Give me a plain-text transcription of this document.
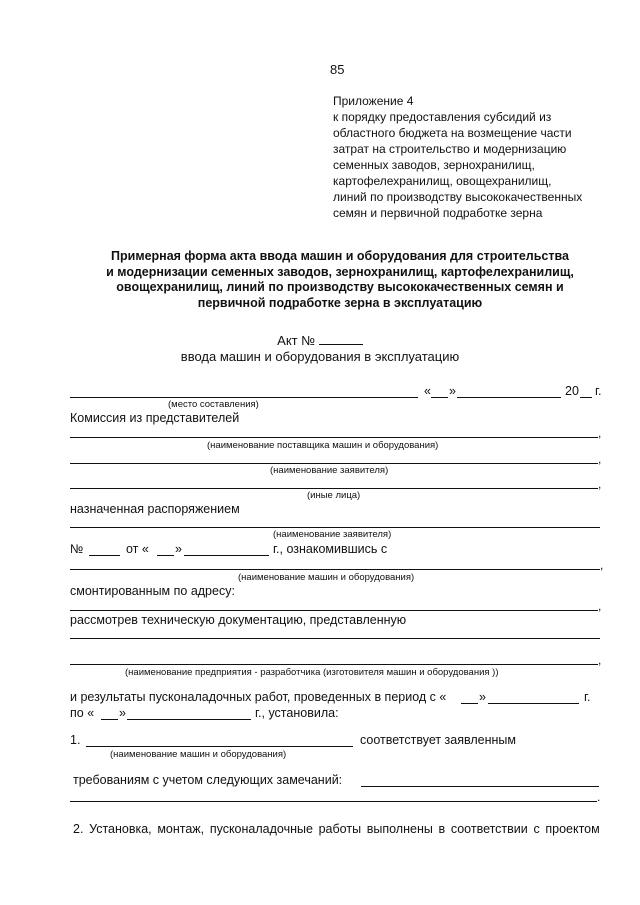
85
Приложение 4
к порядку предоставления субсидий из
областного бюджета на возмещение части
затрат на строительство и модернизацию
семенных заводов, зернохранилищ,
картофелехранилищ, овощехранилищ,
линий по производству высококачественных
семян и первичной подработке зерна
Примерная форма акта ввода машин и оборудования для строительства
и модернизации семенных заводов, зернохранилищ, картофелехранилищ,
овощехранилищ, линий по производству высококачественных семян и
первичной подработке зерна в эксплуатацию
Акт №
ввода машин и оборудования в эксплуатацию
« »	20 г.
(место составления)
Комиссия из представителей
,
(наименование поставщика машин и оборудования)
,
(наименование заявителя)
,
(иные лица)
назначенная распоряжением
(наименование заявителя)
№	от « »	г., ознакомившись с
,
(наименование машин и оборудования)
смонтированным по адресу:
,
рассмотрев техническую документацию, представленную
,
(наименование предприятия - разработчика (изготовителя машин и оборудования ))
и результаты пусконаладочных работ, проведенных в период с «	»	г.
по « »	г., установила:
1.	соответствует заявленным
(наименование машин и оборудования)
требованиям с учетом следующих замечаний:
.
2. Установка, монтаж, пусконаладочные работы выполнены в соответствии с проектом
